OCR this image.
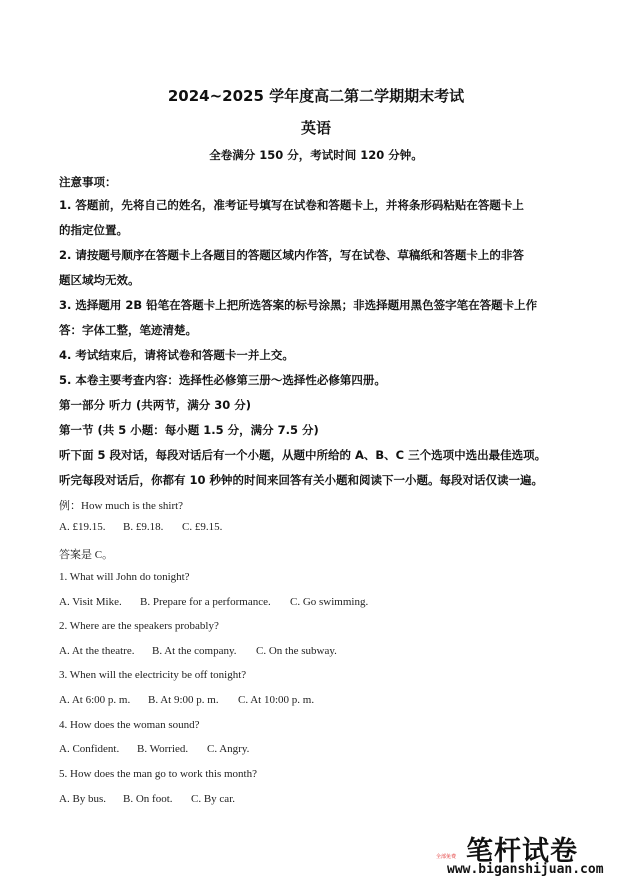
2024~2025 学年度高二第二学期期末考试
英语
全卷满分 150 分，考试时间 120 分钟。
注意事项：
1. 答题前，先将自己的姓名，准考证号填写在试卷和答题卡上，并将条形码粘贴在答题卡上
的指定位置。
2. 请按题号顺序在答题卡上各题目的答题区域内作答，写在试卷、草稿纸和答题卡上的非答
题区域均无效。
3. 选择题用 2B 铅笔在答题卡上把所选答案的标号涂黑；非选择题用黑色签字笔在答题卡上作
答：字体工整，笔迹清楚。
4. 考试结束后，请将试卷和答题卡一并上交。
5. 本卷主要考查内容：选择性必修第三册～选择性必修第四册。
第一部分 听力 (共两节，满分 30 分)
第一节 (共 5 小题：每小题 1.5 分，满分 7.5 分)
听下面 5 段对话，每段对话后有一个小题，从题中所给的 A、B、C 三个选项中选出最佳选项。
听完每段对话后，你都有 10 秒钟的时间来回答有关小题和阅读下一小题。每段对话仅读一遍。
例：How much is the shirt?
A. £19.15. B. £9.18. C. £9.15.
答案是 C。
1. What will John do tonight?
A. Visit Mike. B. Prepare for a performance. C. Go swimming.
2. Where are the speakers probably?
A. At the theatre. B. At the company. C. On the subway.
3. When will the electricity be off tonight?
A. At 6:00 p. m. B. At 9:00 p. m. C. At 10:00 p. m.
4. How does the woman sound?
A. Confident. B. Worried. C. Angry.
5. How does the man go to work this month?
A. By bus. B. On foot. C. By car.
笔杆试卷
全部免费
www.biganshijuan.com
